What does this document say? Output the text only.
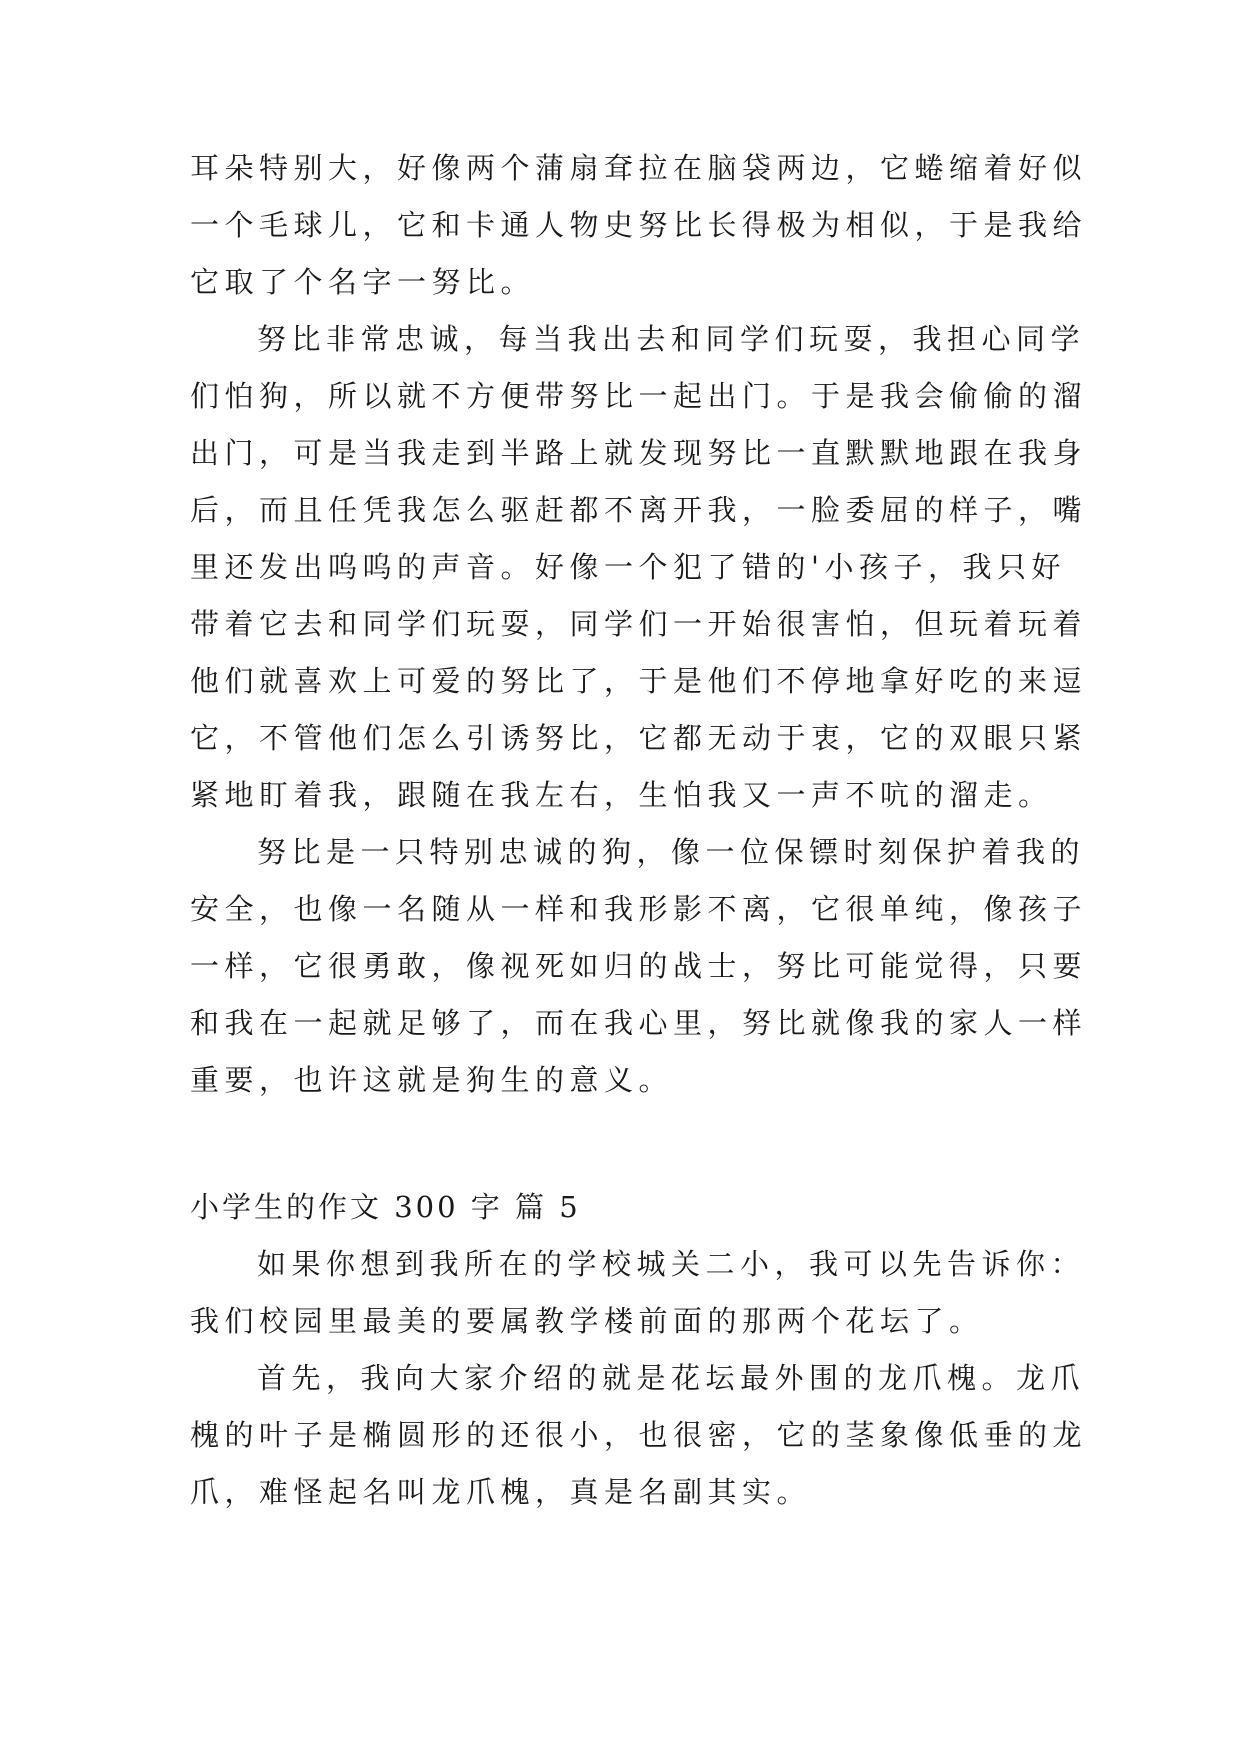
耳朵特别大，好像两个蒲扇耷拉在脑袋两边，它蜷缩着好似
一个毛球儿，它和卡通人物史努比长得极为相似，于是我给
它取了个名字一努比。
努比非常忠诚，每当我出去和同学们玩耍，我担心同学
们怕狗，所以就不方便带努比一起出门。于是我会偷偷的溜
出门，可是当我走到半路上就发现努比一直默默地跟在我身
后，而且任凭我怎么驱赶都不离开我，一脸委屈的样子，嘴
里还发出呜呜的声音。好像一个犯了错的'小孩子，我只好
带着它去和同学们玩耍，同学们一开始很害怕，但玩着玩着
他们就喜欢上可爱的努比了，于是他们不停地拿好吃的来逗
它，不管他们怎么引诱努比，它都无动于衷，它的双眼只紧
紧地盯着我，跟随在我左右，生怕我又一声不吭的溜走。
努比是一只特别忠诚的狗，像一位保镖时刻保护着我的
安全，也像一名随从一样和我形影不离，它很单纯，像孩子
一样，它很勇敢，像视死如归的战士，努比可能觉得，只要
和我在一起就足够了，而在我心里，努比就像我的家人一样
重要，也许这就是狗生的意义。
小学生的作文 300 字 篇 5
如果你想到我所在的学校城关二小，我可以先告诉你：
我们校园里最美的要属教学楼前面的那两个花坛了。
首先，我向大家介绍的就是花坛最外围的龙爪槐。龙爪
槐的叶子是椭圆形的还很小，也很密，它的茎象像低垂的龙
爪，难怪起名叫龙爪槐，真是名副其实。
